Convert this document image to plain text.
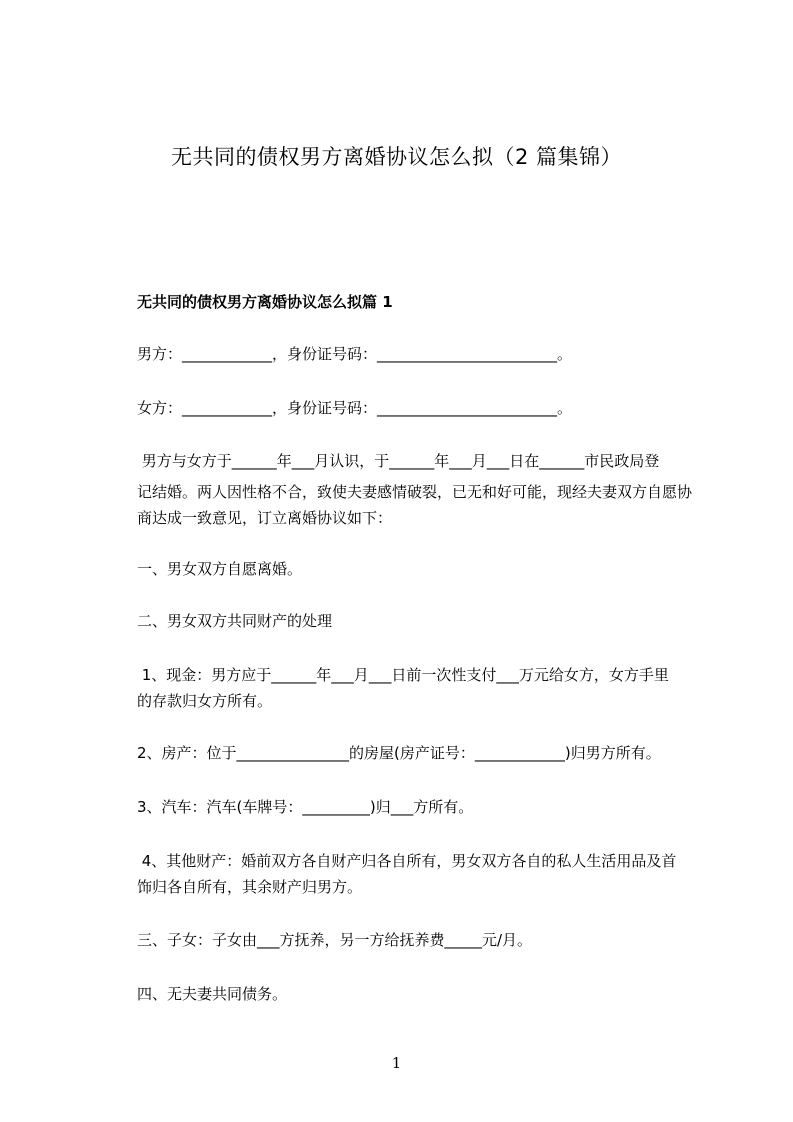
无共同的债权男方离婚协议怎么拟（2 篇集锦）
无共同的债权男方离婚协议怎么拟篇 1
男方：____________，身份证号码：________________________。
女方：____________，身份证号码：________________________。
男方与女方于______年___月认识，于______年___月___日在______市民政局登
记结婚。两人因性格不合，致使夫妻感情破裂，已无和好可能，现经夫妻双方自愿协
商达成一致意见，订立离婚协议如下：
一、男女双方自愿离婚。
二、男女双方共同财产的处理
1、现金：男方应于______年___月___日前一次性支付___万元给女方，女方手里
的存款归女方所有。
2、房产：位于_______________的房屋(房产证号：____________)归男方所有。
3、汽车：汽车(车牌号：_________)归___方所有。
4、其他财产：婚前双方各自财产归各自所有，男女双方各自的私人生活用品及首
饰归各自所有，其余财产归男方。
三、子女：子女由___方抚养，另一方给抚养费_____元/月。
四、无夫妻共同债务。
1
